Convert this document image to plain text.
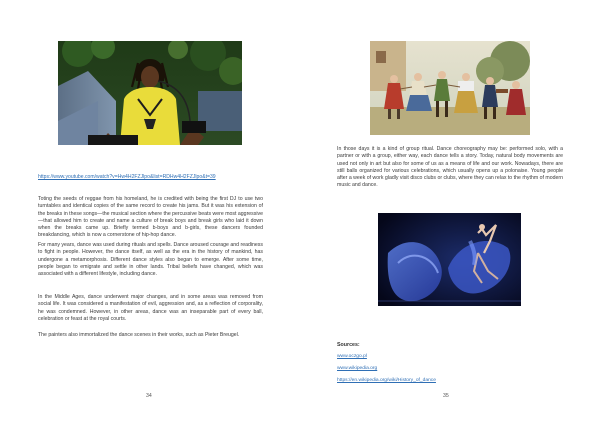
https://www.youtube.com/watch?v=Hw4H2FZJlpo&list=RDHw4H2FZJlpo&t=39

Toting the seeds of reggae from his homeland, he is credited with being the first DJ to use two turntables and identical copies of the same record to create his jams. But it was his extension of the breaks in these songs—the musical section where the percussive beats were most aggressive—that allowed him to create and name a culture of break boys and break girls who laid it down when the breaks came up. Briefly termed b-boys and b-girls, these dancers founded breakdancing, which is now a cornerstone of hip-hop dance.

For many years, dance was used during rituals and spells. Dance aroused courage and readiness to fight in people. However, the dance itself, as well as the era in the history of mankind, has undergone a metamorphosis. Different dance styles also began to emerge. After some time, people began to emigrate and settle in other lands. Tribal beliefs have changed, which was associated with a different lifestyle, including dance.

In the Middle Ages, dance underwent major changes, and in some areas was removed from social life. It was considered a manifestation of evil, aggression and, as a reflection of corporality, he was condemned. However, in other areas, dance was an inseparable part of every ball, celebration or feast at the royal courts.

The painters also immortalized the dance scenes in their works, such as Pieter Breugel.

34

In those days it is a kind of group ritual. Dance choreography may be: performed solo, with a partner or with a group, either way, each dance tells a story. Today, natural body movements are used not only in art but also for some of us as a means of life and our work. Nowadays, there are still balls organized for various celebrations, which usually opens up a polonaise. Young people after a week of work gladly visit disco clubs or clubs, where they can relax to the rhythm of modern music and dance.

Sources:
www.oczgo.pl
www.wikipedia.org
https://en.wikipedia.org/wiki/History_of_dance
35
